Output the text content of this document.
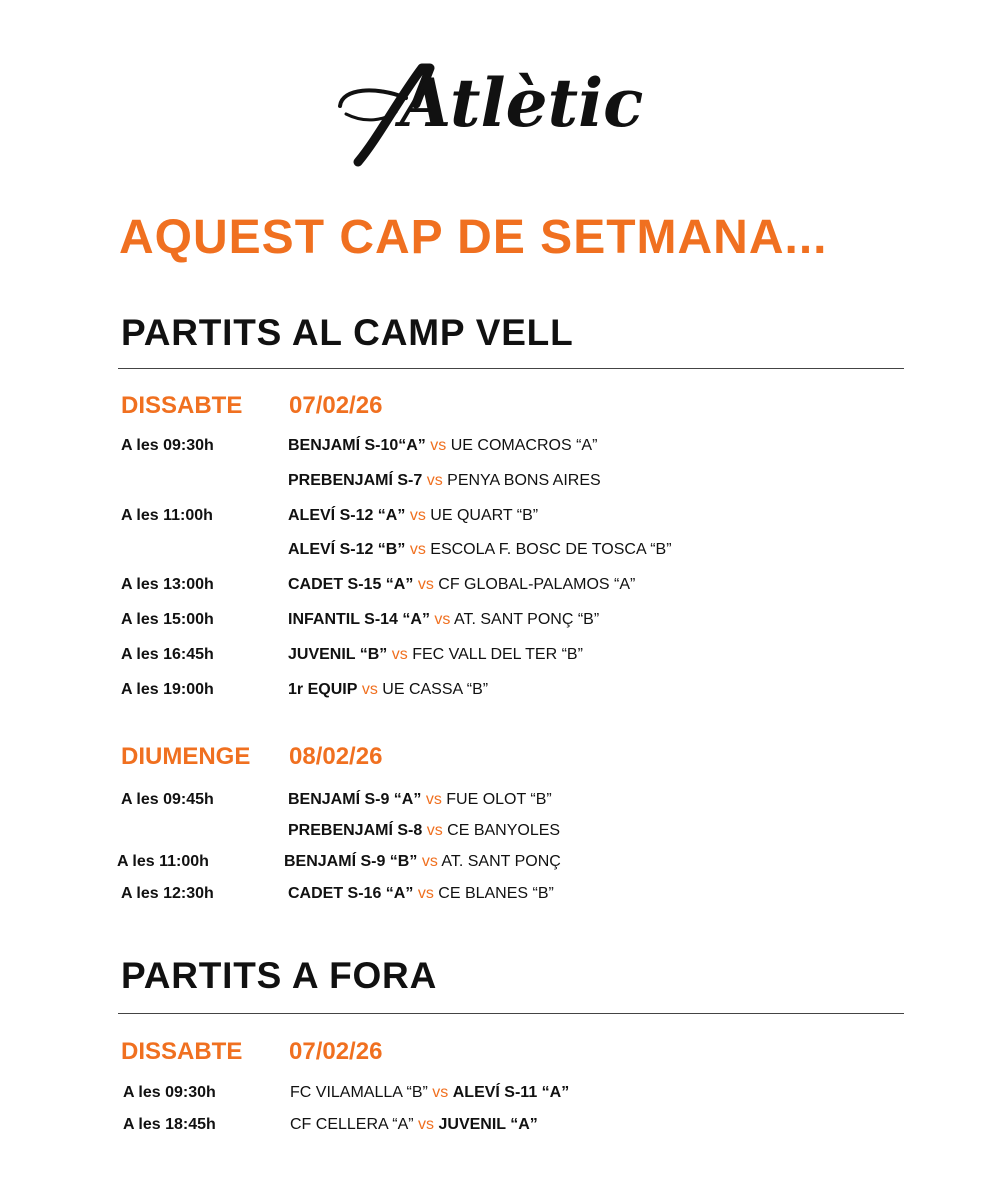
Atlètic
AQUEST CAP DE SETMANA...
PARTITS AL CAMP VELL
DISSABTE 07/02/26
A les 09:30h	BENJAMÍ S-10“A” vs UE COMACROS “A”
PREBENJAMÍ S-7 vs PENYA BONS AIRES
A les 11:00h	ALEVÍ S-12 “A” vs UE QUART “B”
ALEVÍ S-12 “B” vs ESCOLA F. BOSC DE TOSCA “B”
A les 13:00h	CADET S-15 “A” vs CF GLOBAL-PALAMOS “A”
A les 15:00h	INFANTIL S-14 “A” vs AT. SANT PONÇ “B”
A les 16:45h	JUVENIL “B” vs FEC VALL DEL TER “B”
A les 19:00h	1r EQUIP vs UE CASSA “B”
DIUMENGE 08/02/26
A les 09:45h	BENJAMÍ S-9 “A” vs FUE OLOT “B”
PREBENJAMÍ S-8 vs CE BANYOLES
A les 11:00h	BENJAMÍ S-9 “B” vs AT. SANT PONÇ
A les 12:30h	CADET S-16 “A” vs CE BLANES “B”
PARTITS A FORA
DISSABTE 07/02/26
A les 09:30h	FC VILAMALLA “B” vs ALEVÍ S-11 “A”
A les 18:45h	CF CELLERA “A” vs JUVENIL “A”
